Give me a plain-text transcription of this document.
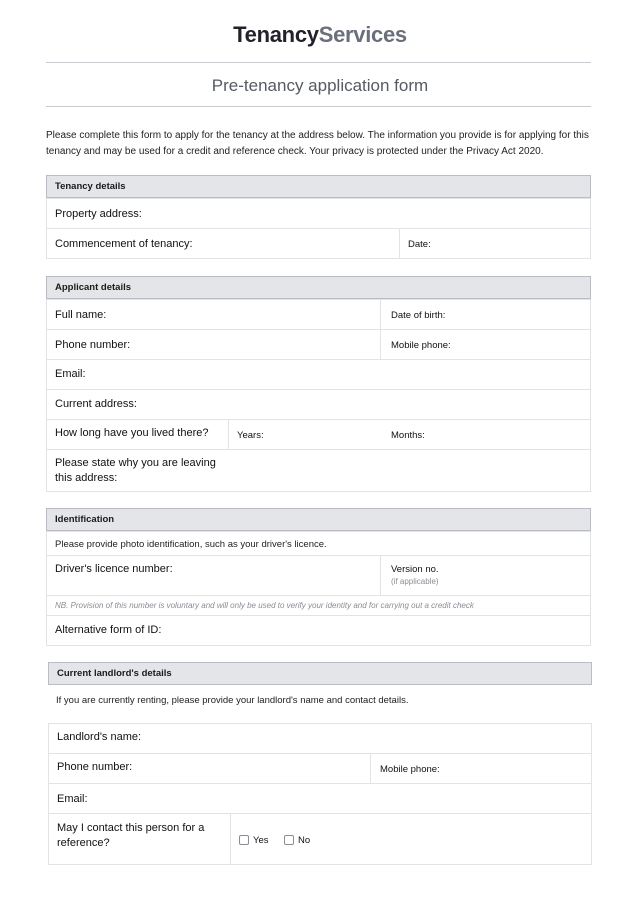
TenancyServices
Pre-tenancy application form
Please complete this form to apply for the tenancy at the address below. The information you provide is for applying for this tenancy and may be used for a credit and reference check. Your privacy is protected under the Privacy Act 2020.
Tenancy details
Property address:
Commencement of tenancy:	Date:
Applicant details
Full name:	Date of birth:
Phone number:	Mobile phone:
Email:
Current address:
How long have you lived there?	Years:	Months:
Please state why you are leaving
this address:
Identification
Please provide photo identification, such as your driver's licence.
Driver's licence number:	Version no.
(if applicable)
NB. Provision of this number is voluntary and will only be used to verify your identity and for carrying out a credit check
Alternative form of ID:
Current landlord's details
If you are currently renting, please provide your landlord's name and contact details.
Landlord's name:
Phone number:	Mobile phone:
Email:
May I contact this person for a
reference?	Yes	No
